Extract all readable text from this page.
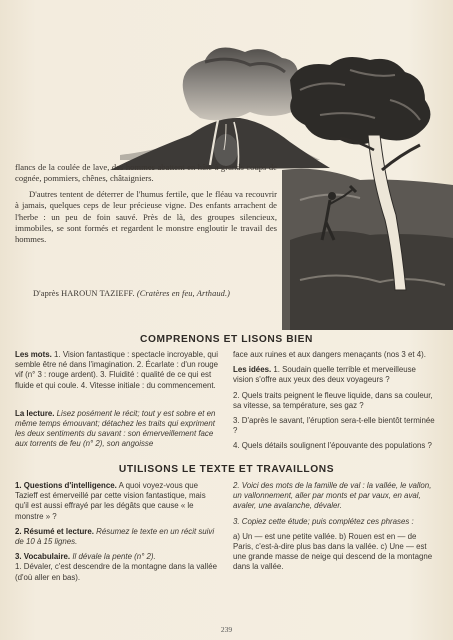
flancs de la coulée de lave, des hommes abattent en hâte à grands coups de cognée, pommiers, chênes, châtaigniers.

D'autres tentent de déterrer de l'humus fertile, que le fléau va recouvrir à jamais, quelques ceps de leur précieuse vigne. Des enfants arrachent de l'herbe : un peu de foin sauvé. Près de là, des groupes silencieux, immobiles, se sont formés et regardent le monstre engloutir le travail des hommes.

D'après HAROUN TAZIEFF. (Cratères en feu, Arthaud.)
COMPRENONS ET LISONS BIEN

Les mots. 1. Vision fantastique : spectacle incroyable, qui semble être né dans l'imagination. 2. Écarlate : d'un rouge vif (n° 3 : rouge ardent). 3. Fluidité : qualité de ce qui est fluide et qui coule. 4. Vitesse initiale : du commencement.

La lecture. Lisez posément le récit; tout y est sobre et en même temps émouvant; détachez les traits qui expriment les deux sentiments du savant : son émerveillement face aux torrents de feu (n° 2), son angoisse

face aux ruines et aux dangers menaçants (nos 3 et 4).

Les idées. 1. Soudain quelle terrible et merveilleuse vision s'offre aux yeux des deux voyageurs ?

2. Quels traits peignent le fleuve liquide, dans sa couleur, sa vitesse, sa température, ses gaz ?

3. D'après le savant, l'éruption sera-t-elle bientôt terminée ?

4. Quels détails soulignent l'épouvante des populations ?

UTILISONS LE TEXTE ET TRAVAILLONS

1. Questions d'intelligence. A quoi voyez-vous que Tazieff est émerveillé par cette vision fantastique, mais qu'il est aussi effrayé par les dégâts que cause « le monstre » ?

2. Résumé et lecture. Résumez le texte en un récit suivi de 10 à 15 lignes.

3. Vocabulaire. Il dévale la pente (n° 2).
1. Dévaler, c'est descendre de la montagne dans la vallée (d'où aller en bas).

2. Voici des mots de la famille de val : la vallée, le vallon, un vallonnement, aller par monts et par vaux, en aval, avaler, une avalanche, dévaler.

3. Copiez cette étude; puis complétez ces phrases :

a) Un — est une petite vallée. b) Rouen est en — de Paris, c'est-à-dire plus bas dans la vallée. c) Une — est une grande masse de neige qui descend de la montagne dans la vallée.

239
